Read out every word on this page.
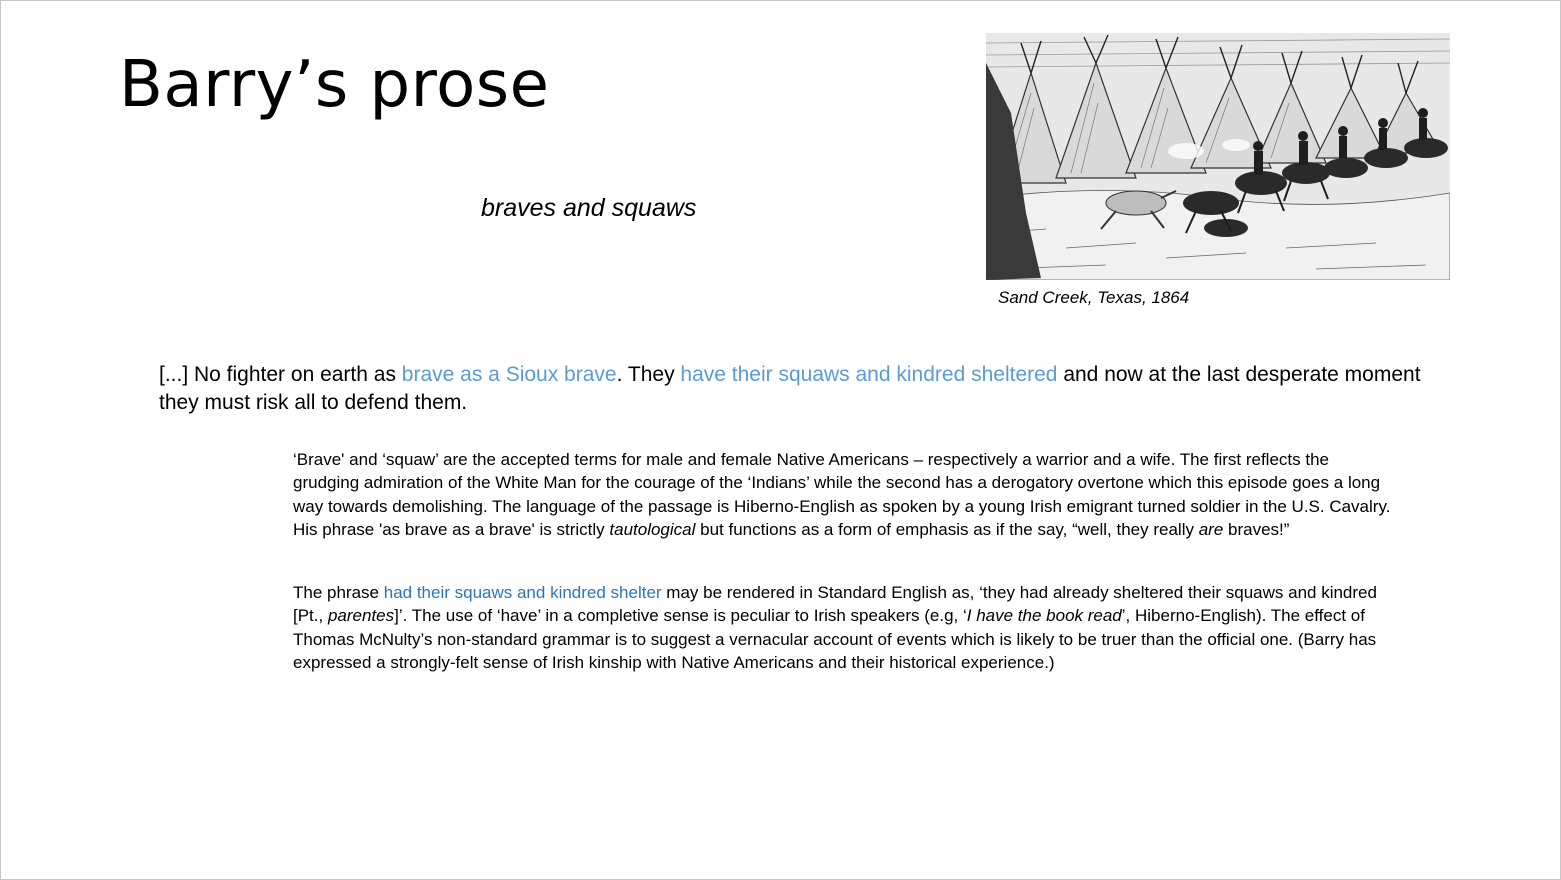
Barry’s prose

braves and squaws

Sand Creek, Texas, 1864

[...] No fighter on earth as brave as a Sioux brave. They have their squaws and kindred sheltered and now at the last desperate moment they must risk all to defend them.

‘Brave' and ‘squaw’ are the accepted terms for male and female Native Americans – respectively a warrior and a wife. The first reflects the grudging admiration of the White Man for the courage of the ‘Indians’ while the second has a derogatory overtone which this episode goes a long way towards demolishing. The language of the passage is Hiberno-English as spoken by a young Irish emigrant turned soldier in the U.S. Cavalry. His phrase 'as brave as a brave' is strictly tautological but functions as a form of emphasis as if the say, “well, they really are braves!”

The phrase had their squaws and kindred shelter may be rendered in Standard English as, ‘they had already sheltered their squaws and kindred [Pt., parentes]’. The use of ‘have’ in a completive sense is peculiar to Irish speakers (e.g, ‘I have the book read’, Hiberno-English). The effect of Thomas McNulty’s non-standard grammar is to suggest a vernacular account of events which is likely to be truer than the official one. (Barry has expressed a strongly-felt sense of Irish kinship with Native Americans and their historical experience.)
